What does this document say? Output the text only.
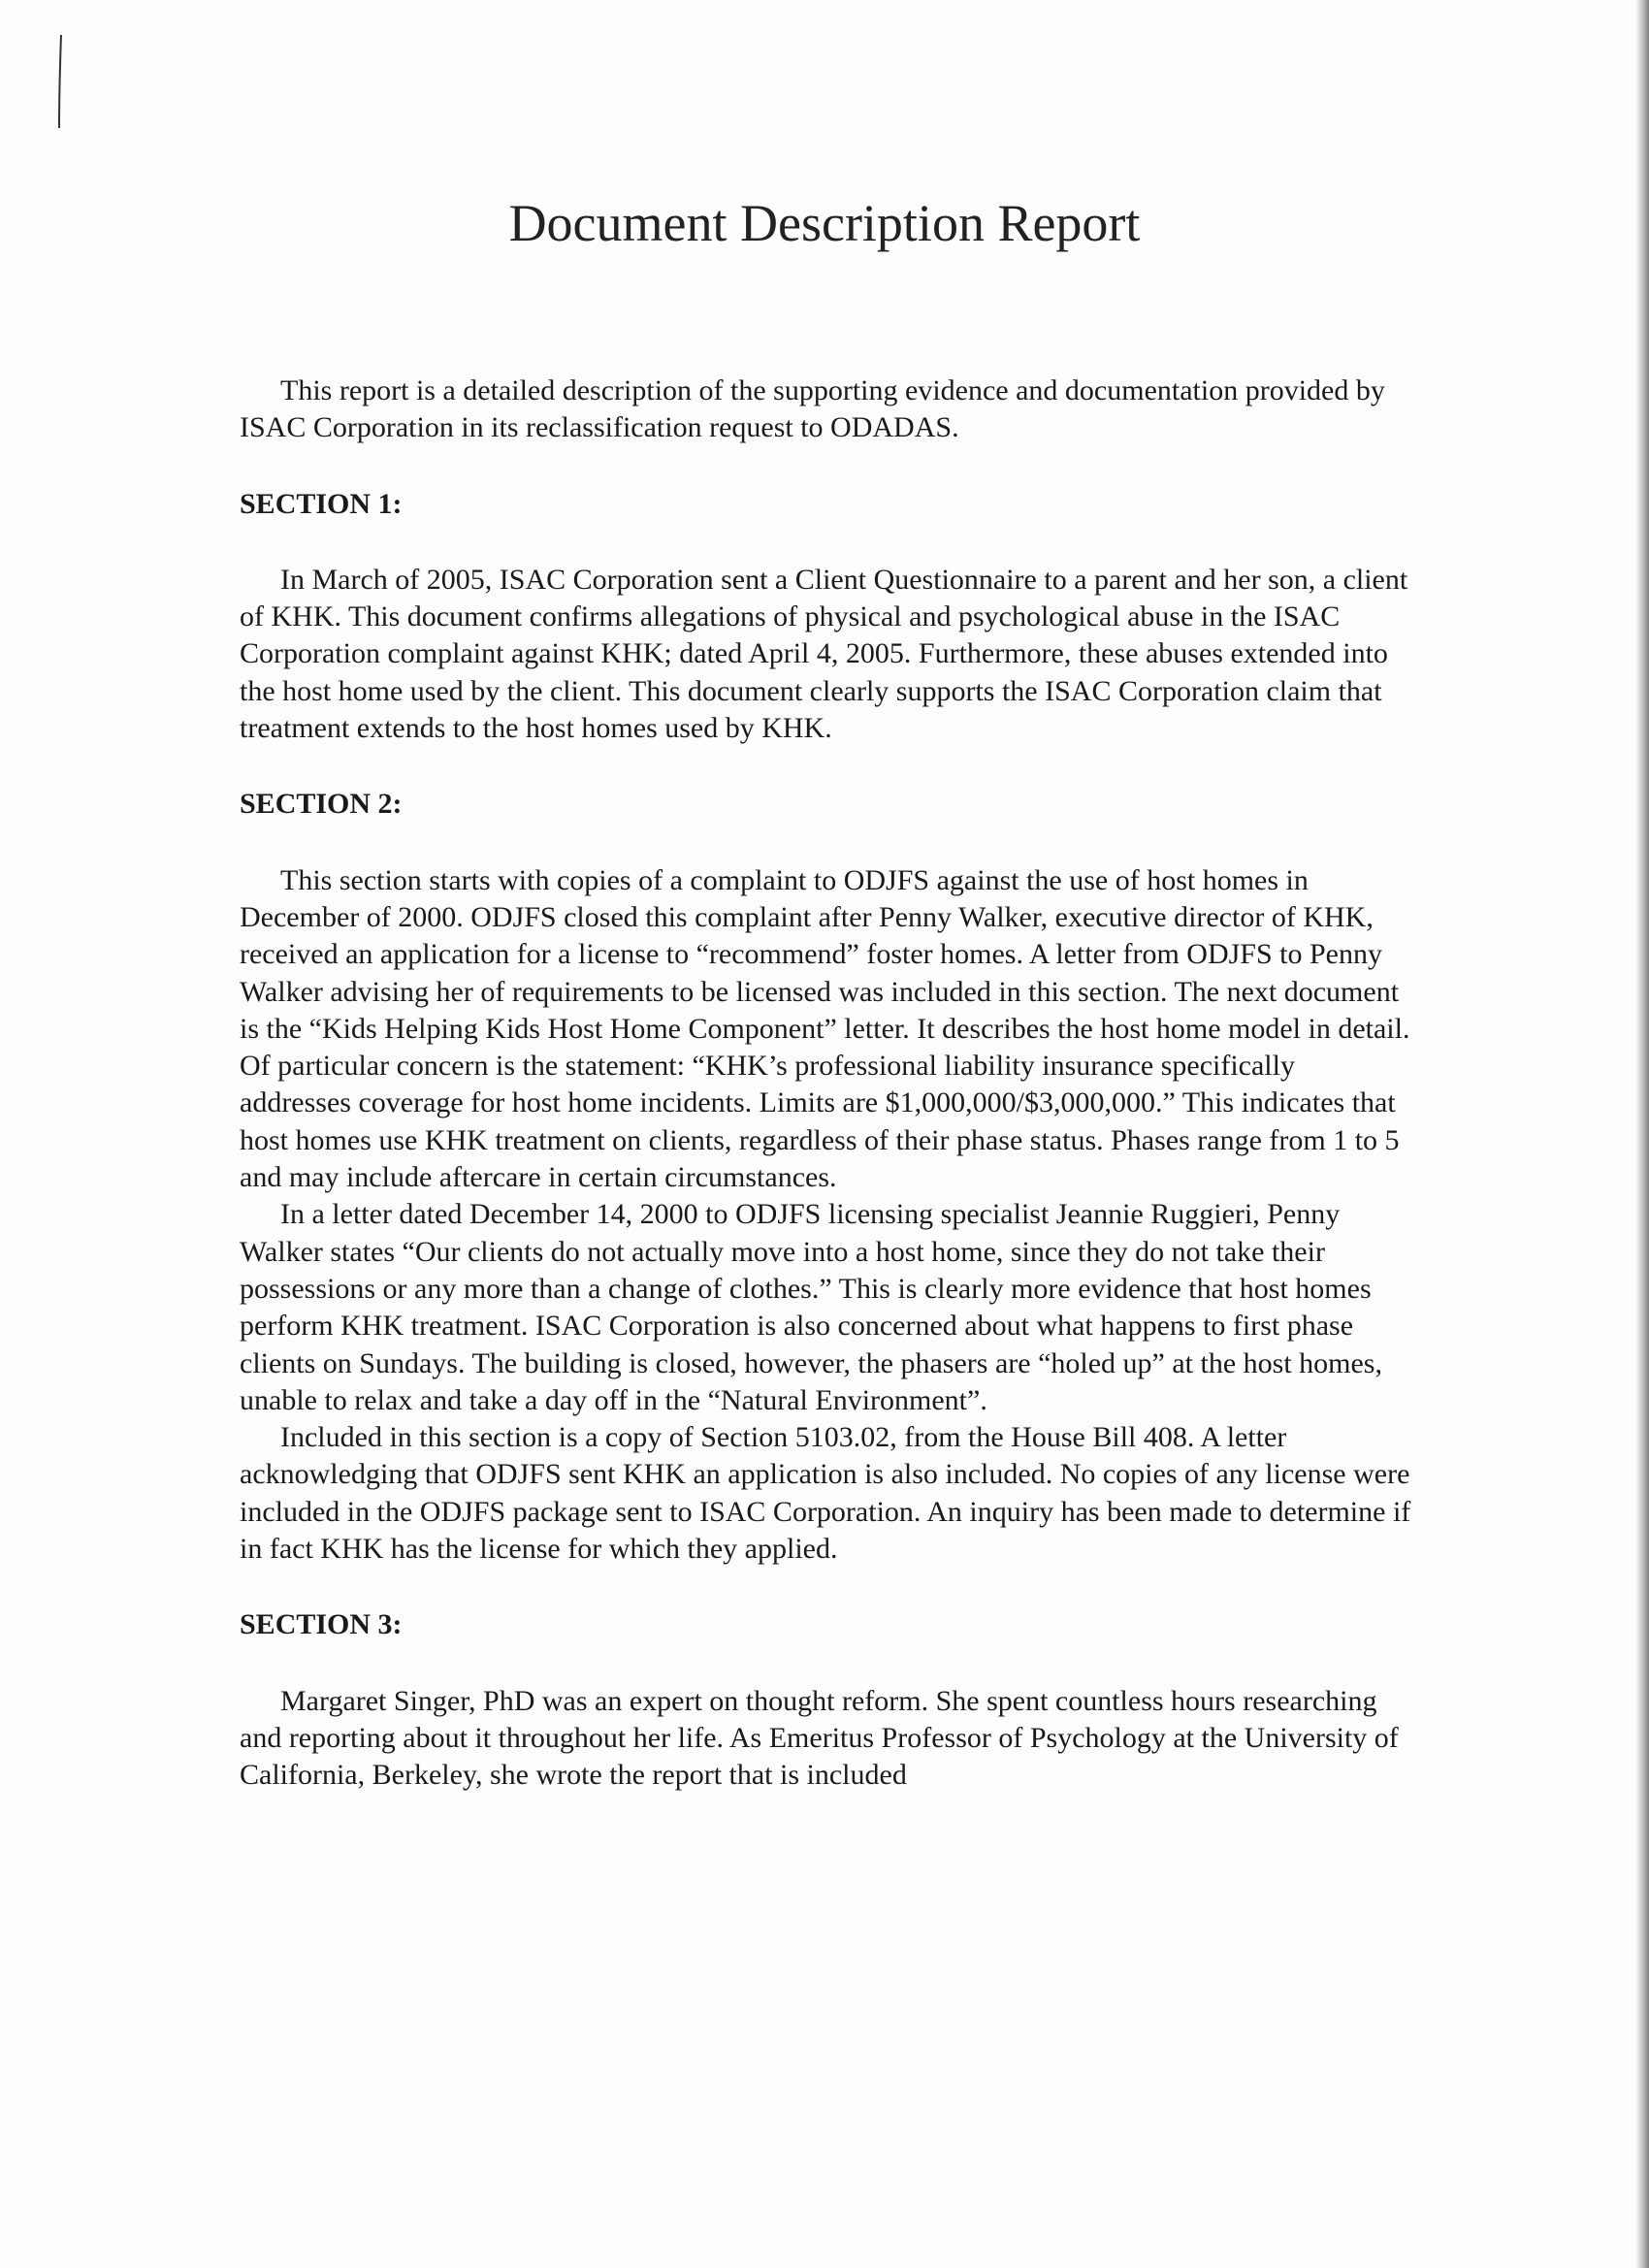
Document Description Report

This report is a detailed description of the supporting evidence and documentation provided by ISAC Corporation in its reclassification request to ODADAS.

SECTION 1:

In March of 2005, ISAC Corporation sent a Client Questionnaire to a parent and her son, a client of KHK. This document confirms allegations of physical and psychological abuse in the ISAC Corporation complaint against KHK; dated April 4, 2005. Furthermore, these abuses extended into the host home used by the client. This document clearly supports the ISAC Corporation claim that treatment extends to the host homes used by KHK.

SECTION 2:

This section starts with copies of a complaint to ODJFS against the use of host homes in December of 2000. ODJFS closed this complaint after Penny Walker, executive director of KHK, received an application for a license to “recommend” foster homes. A letter from ODJFS to Penny Walker advising her of requirements to be licensed was included in this section. The next document is the “Kids Helping Kids Host Home Component” letter. It describes the host home model in detail. Of particular concern is the statement: “KHK’s professional liability insurance specifically addresses coverage for host home incidents. Limits are $1,000,000/$3,000,000.” This indicates that host homes use KHK treatment on clients, regardless of their phase status. Phases range from 1 to 5 and may include aftercare in certain circumstances.

In a letter dated December 14, 2000 to ODJFS licensing specialist Jeannie Ruggieri, Penny Walker states “Our clients do not actually move into a host home, since they do not take their possessions or any more than a change of clothes.” This is clearly more evidence that host homes perform KHK treatment. ISAC Corporation is also concerned about what happens to first phase clients on Sundays. The building is closed, however, the phasers are “holed up” at the host homes, unable to relax and take a day off in the “Natural Environment”.

Included in this section is a copy of Section 5103.02, from the House Bill 408. A letter acknowledging that ODJFS sent KHK an application is also included. No copies of any license were included in the ODJFS package sent to ISAC Corporation. An inquiry has been made to determine if in fact KHK has the license for which they applied.

SECTION 3:

Margaret Singer, PhD was an expert on thought reform. She spent countless hours researching and reporting about it throughout her life. As Emeritus Professor of Psychology at the University of California, Berkeley, she wrote the report that is included
